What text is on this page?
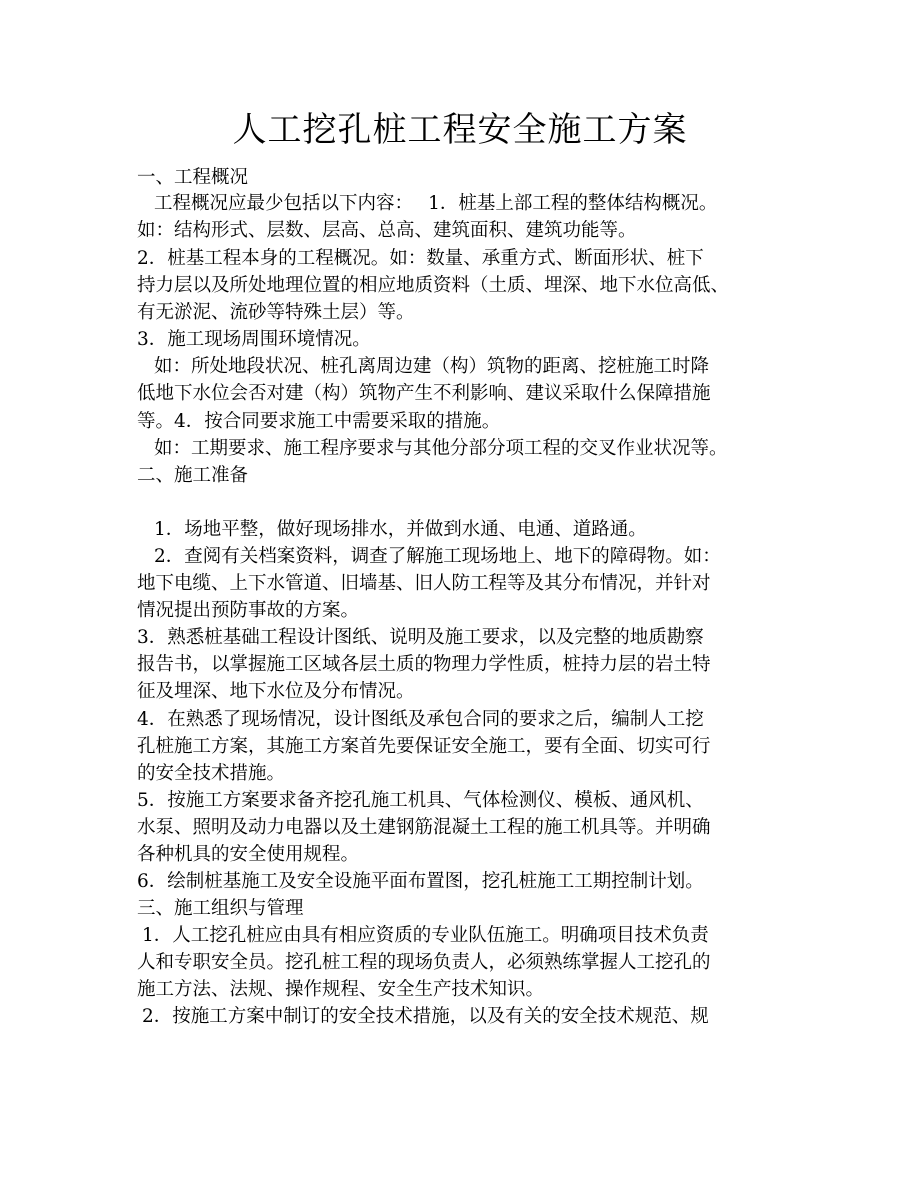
人工挖孔桩工程安全施工方案
一、工程概况
工程概况应最少包括以下内容：　 1．桩基上部工程的整体结构概况。
如：结构形式、层数、层高、总高、建筑面积、建筑功能等。
2．桩基工程本身的工程概况。如：数量、承重方式、断面形状、桩下
持力层以及所处地理位置的相应地质资料（土质、埋深、地下水位高低、
有无淤泥、流砂等特殊土层）等。
3．施工现场周围环境情况。
如：所处地段状况、桩孔离周边建（构）筑物的距离、挖桩施工时降
低地下水位会否对建（构）筑物产生不利影响、建议采取什么保障措施
等。4．按合同要求施工中需要采取的措施。
如：工期要求、施工程序要求与其他分部分项工程的交叉作业状况等。
二、施工准备
1．场地平整，做好现场排水，并做到水通、电通、道路通。
2．查阅有关档案资料，调查了解施工现场地上、地下的障碍物。如：
地下电缆、上下水管道、旧墙基、旧人防工程等及其分布情况，并针对
情况提出预防事故的方案。
3．熟悉桩基础工程设计图纸、说明及施工要求，以及完整的地质勘察
报告书，以掌握施工区域各层土质的物理力学性质，桩持力层的岩土特
征及埋深、地下水位及分布情况。
4．在熟悉了现场情况，设计图纸及承包合同的要求之后，编制人工挖
孔桩施工方案，其施工方案首先要保证安全施工，要有全面、切实可行
的安全技术措施。
5．按施工方案要求备齐挖孔施工机具、气体检测仪、模板、通风机、
水泵、照明及动力电器以及土建钢筋混凝土工程的施工机具等。并明确
各种机具的安全使用规程。
6．绘制桩基施工及安全设施平面布置图，挖孔桩施工工期控制计划。
三、施工组织与管理
1．人工挖孔桩应由具有相应资质的专业队伍施工。明确项目技术负责
人和专职安全员。挖孔桩工程的现场负责人，必须熟练掌握人工挖孔的
施工方法、法规、操作规程、安全生产技术知识。
2．按施工方案中制订的安全技术措施，以及有关的安全技术规范、规
